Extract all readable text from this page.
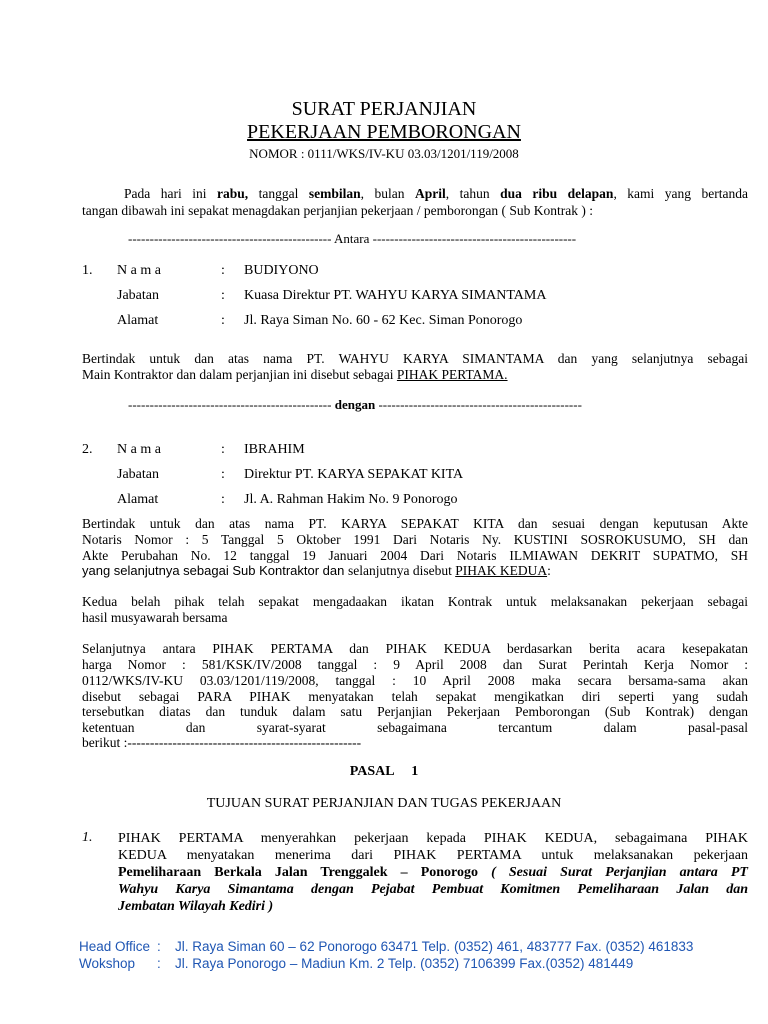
SURAT PERJANJIAN
PEKERJAAN PEMBORONGAN
NOMOR : 0111/WKS/IV-KU 03.03/1201/119/2008
Pada hari ini rabu, tanggal sembilan, bulan April, tahun dua ribu delapan, kami yang bertanda
tangan dibawah ini sepakat menagdakan perjanjian pekerjaan / pemborongan ( Sub Kontrak ) :
----------------------------------------------- Antara -----------------------------------------------
1. N a m a	: BUDIYONO
Jabatan	: Kuasa Direktur PT. WAHYU KARYA SIMANTAMA
Alamat	: Jl. Raya Siman No. 60 - 62 Kec. Siman Ponorogo
Bertindak untuk dan atas nama PT. WAHYU KARYA SIMANTAMA dan yang selanjutnya sebagai
Main Kontraktor dan dalam perjanjian ini disebut sebagai PIHAK PERTAMA.
----------------------------------------------- dengan -----------------------------------------------
2. N a m a	: IBRAHIM
Jabatan	: Direktur PT. KARYA SEPAKAT KITA
Alamat	: Jl. A. Rahman Hakim No. 9 Ponorogo
Bertindak untuk dan atas nama PT. KARYA SEPAKAT KITA dan sesuai dengan keputusan Akte
Notaris Nomor : 5 Tanggal 5 Oktober 1991 Dari Notaris Ny. KUSTINI SOSROKUSUMO, SH dan
Akte Perubahan No. 12 tanggal 19 Januari 2004 Dari Notaris ILMIAWAN DEKRIT SUPATMO, SH
yang selanjutnya sebagai Sub Kontraktor dan selanjutnya disebut PIHAK KEDUA:
Kedua belah pihak telah sepakat mengadaakan ikatan Kontrak untuk melaksanakan pekerjaan sebagai
hasil musyawarah bersama
Selanjutnya antara PIHAK PERTAMA dan PIHAK KEDUA berdasarkan berita acara kesepakatan
harga Nomor : 581/KSK/IV/2008 tanggal : 9 April 2008 dan Surat Perintah Kerja Nomor :
0112/WKS/IV-KU 03.03/1201/119/2008, tanggal : 10 April 2008 maka secara bersama-sama akan
disebut sebagai PARA PIHAK menyatakan telah sepakat mengikatkan diri seperti yang sudah
tersebutkan diatas dan tunduk dalam satu Perjanjian Pekerjaan Pemborongan (Sub Kontrak) dengan
ketentuan dan syarat-syarat sebagaimana tercantum dalam pasal-pasal
berikut :----------------------------------------------------
PASAL     1
TUJUAN SURAT PERJANJIAN DAN TUGAS PEKERJAAN
1. PIHAK PERTAMA menyerahkan pekerjaan kepada PIHAK KEDUA, sebagaimana PIHAK
KEDUA menyatakan menerima dari PIHAK PERTAMA untuk melaksanakan pekerjaan
Pemeliharaan Berkala Jalan Trenggalek – Ponorogo ( Sesuai Surat Perjanjian antara PT
Wahyu Karya Simantama dengan Pejabat Pembuat Komitmen Pemeliharaan Jalan dan
Jembatan Wilayah Kediri )
Head Office : Jl. Raya Siman 60 – 62 Ponorogo 63471 Telp. (0352) 461, 483777 Fax. (0352) 461833
Wokshop : Jl. Raya Ponorogo – Madiun Km. 2 Telp. (0352) 7106399 Fax.(0352) 481449
